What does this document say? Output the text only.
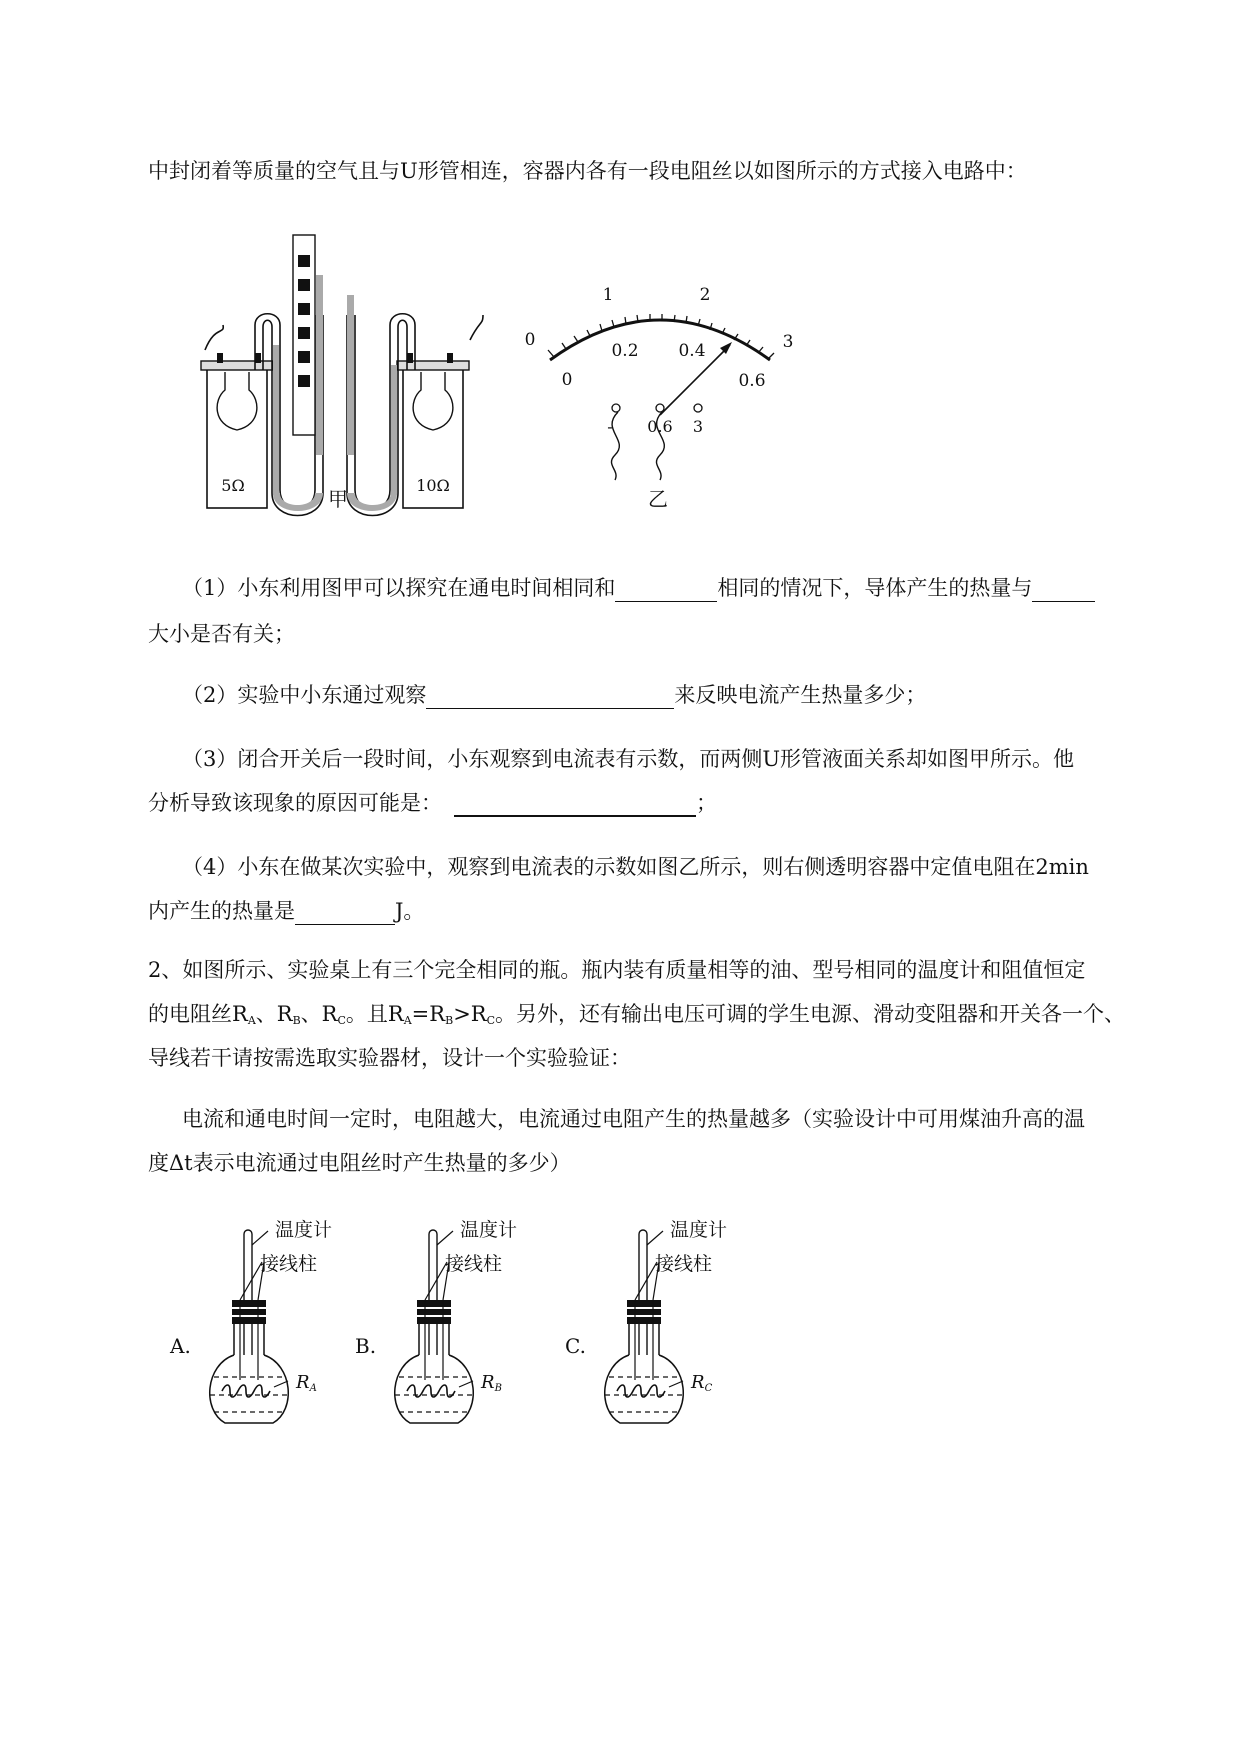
中封闭着等质量的空气且与U形管相连，容器内各有一段电阻丝以如图所示的方式接入电路中：
5Ω	10Ω
甲
0
1	2
3
0
0.2 0.4
0.6
- 0.6 3
乙
（1）小东利用图甲可以探究在通电时间相同和	相同的情况下，导体产生的热量与
大小是否有关；
（2）实验中小东通过观察	来反映电流产生热量多少；
（3）闭合开关后一段时间，小东观察到电流表有示数，而两侧U形管液面关系却如图甲所示。他
分析导致该现象的原因可能是：	；
（4）小东在做某次实验中，观察到电流表的示数如图乙所示，则右侧透明容器中定值电阻在2min
内产生的热量是	J。
2、如图所示、实验桌上有三个完全相同的瓶。瓶内装有质量相等的油、型号相同的温度计和阻值恒定
的电阻丝$R_A$、$R_B$、$R_C$。且$R_A=R_B>R_C$。另外，还有输出电压可调的学生电源、滑动变阻器和开关各一个、
导线若干请按需选取实验器材，设计一个实验验证：
电流和通电时间一定时，电阻越大，电流通过电阻产生的热量越多（实验设计中可用煤油升高的温
度Δt表示电流通过电阻丝时产生热量的多少）
A.
温度计
接线柱
$R_A$
B.
温度计
接线柱
$R_B$
C.
温度计
接线柱
$R_C$
